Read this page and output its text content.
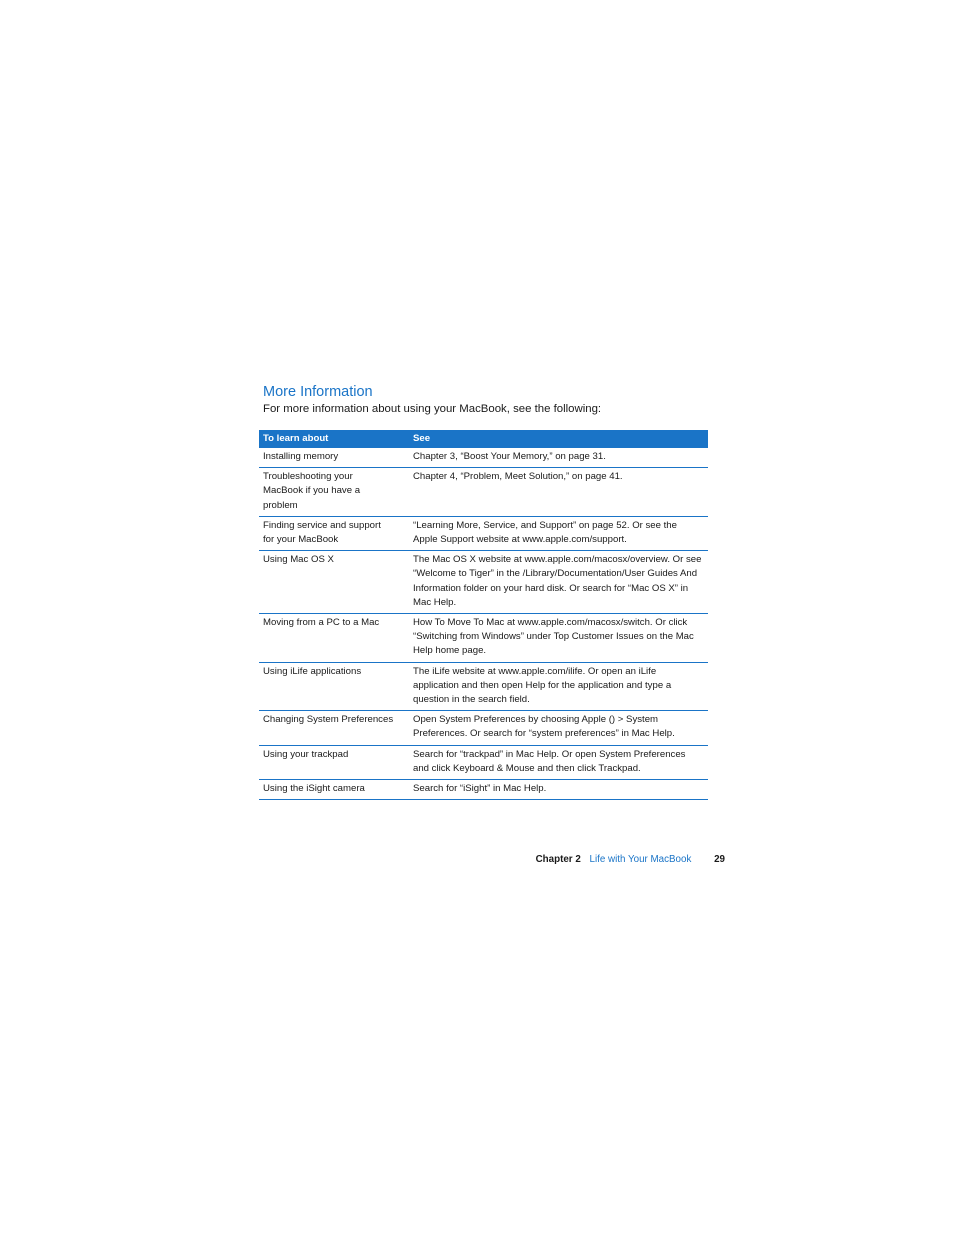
More Information

For more information about using your MacBook, see the following:

To learn about	See
Installing memory	Chapter 3, “Boost Your Memory,” on page 31.

Troubleshooting your MacBook if you have a problem	Chapter 4, “Problem, Meet Solution,” on page 41.

Finding service and support for your MacBook	“Learning More, Service, and Support” on page 52. Or see the Apple Support website at www.apple.com/support.

Using Mac OS X	The Mac OS X website at www.apple.com/macosx/overview. Or see “Welcome to Tiger” in the /Library/Documentation/User Guides And Information folder on your hard disk. Or search for “Mac OS X” in Mac Help.
Moving from a PC to a Mac	How To Move To Mac at www.apple.com/macosx/switch. Or click “Switching from Windows” under Top Customer Issues on the Mac Help home page.
Using iLife applications	The iLife website at www.apple.com/ilife. Or open an iLife application and then open Help for the application and type a question in the search field.

Changing System Preferences	Open System Preferences by choosing Apple () > System Preferences. Or search for “system preferences” in Mac Help.
Using your trackpad	Search for “trackpad” in Mac Help. Or open System Preferences and click Keyboard & Mouse and then click Trackpad.
Using the iSight camera	Search for “iSight” in Mac Help.
Chapter 2 Life with Your MacBook 29
